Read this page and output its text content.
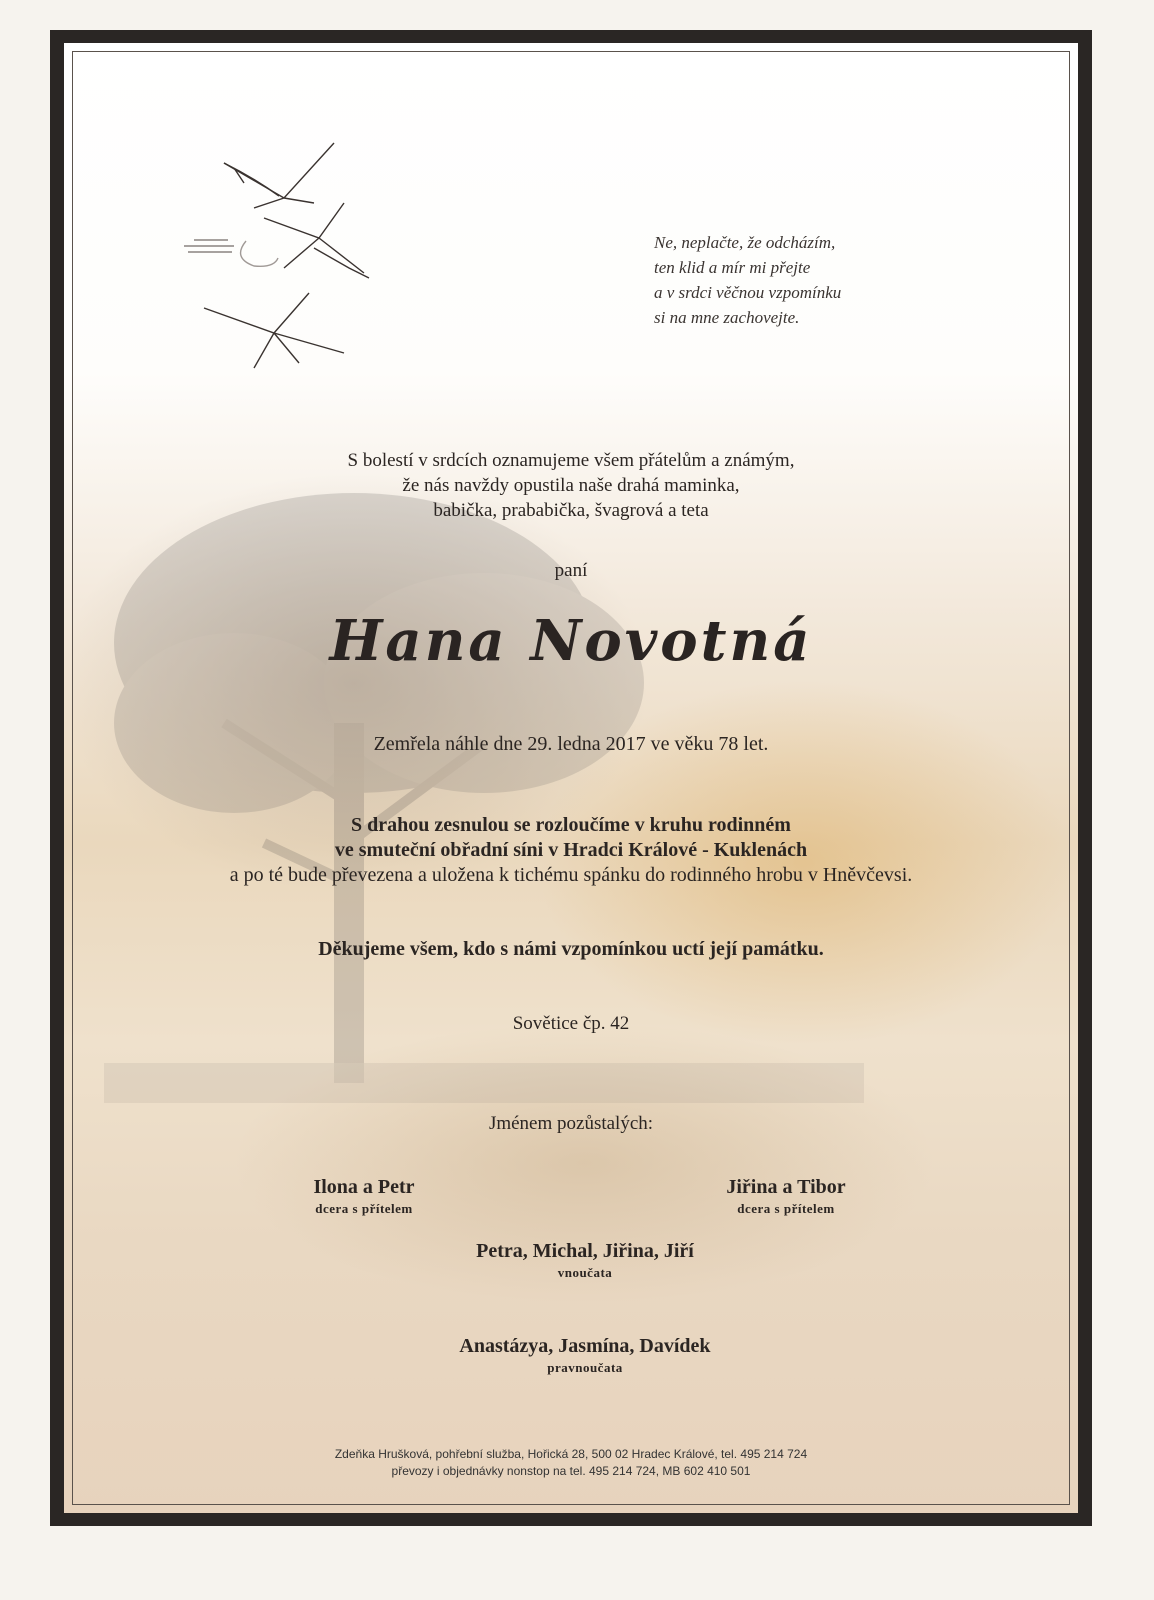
Ne, neplačte, že odcházím,
ten klid a mír mi přejte
a v srdci věčnou vzpomínku
si na mne zachovejte.
S bolestí v srdcích oznamujeme všem přátelům a známým,
že nás navždy opustila naše drahá maminka,
babička, prababička, švagrová a teta
paní
Hana Novotná
Zemřela náhle dne 29. ledna 2017 ve věku 78 let.
S drahou zesnulou se rozloučíme v kruhu rodinném
ve smuteční obřadní síni v Hradci Králové - Kuklenách
a po té bude převezena a uložena k tichému spánku do rodinného hrobu v Hněvčevsi.
Děkujeme všem, kdo s námi vzpomínkou uctí její památku.
Sovětice čp. 42
Jménem pozůstalých:
Ilona a Petr
dcera s přítelem
Jiřina a Tibor
dcera s přítelem
Petra, Michal, Jiřina, Jiří
vnoučata
Anastázya, Jasmína, Davídek
pravnoučata
Zdeňka Hrušková, pohřební služba, Hořická 28, 500 02 Hradec Králové, tel. 495 214 724
převozy i objednávky nonstop na tel. 495 214 724, MB 602 410 501
